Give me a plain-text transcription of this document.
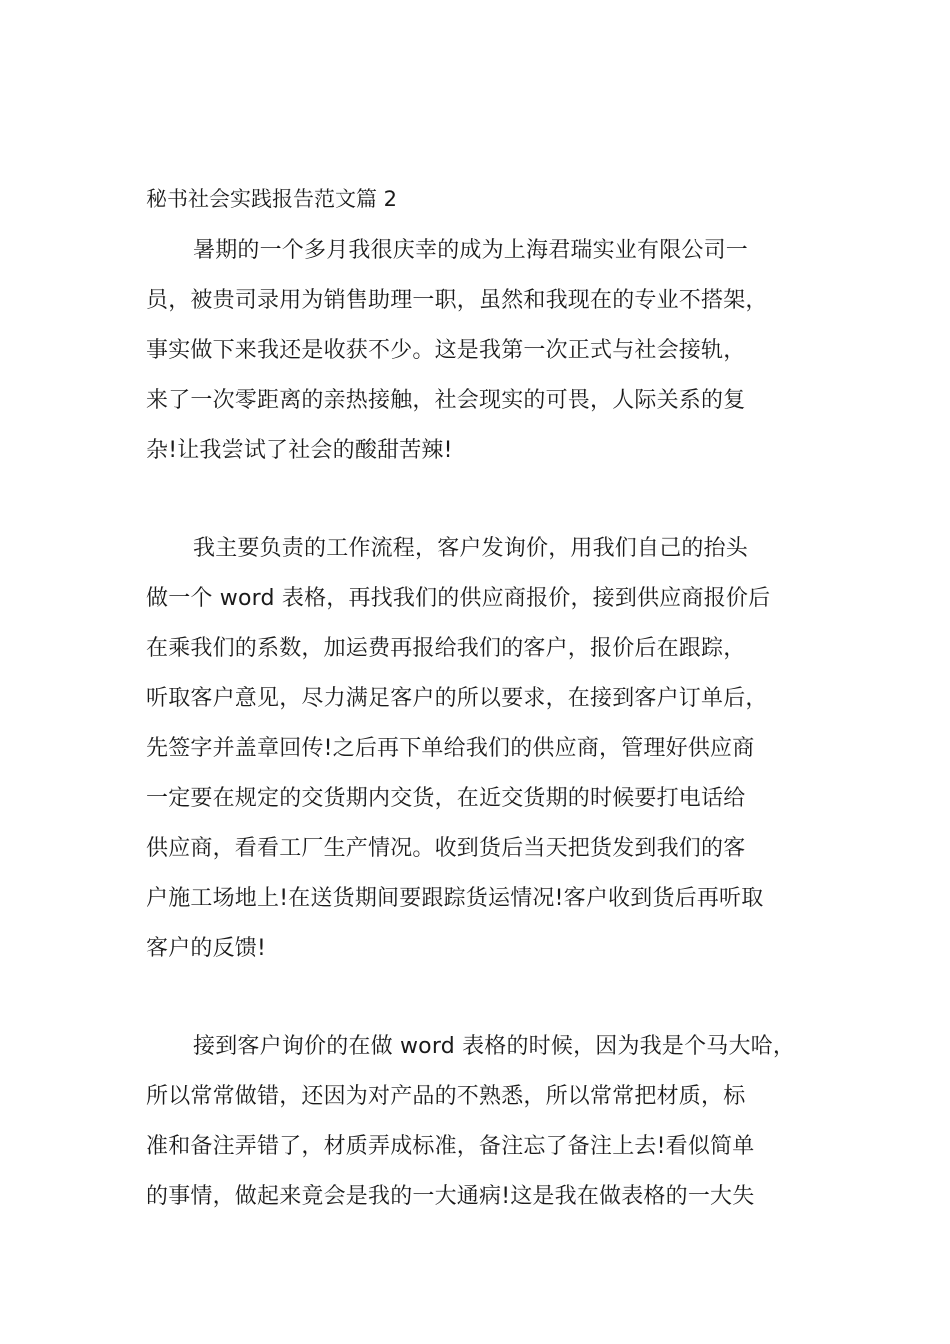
秘书社会实践报告范文篇 2
暑期的一个多月我很庆幸的成为上海君瑞实业有限公司一
员，被贵司录用为销售助理一职，虽然和我现在的专业不搭架，
事实做下来我还是收获不少。这是我第一次正式与社会接轨，
来了一次零距离的亲热接触，社会现实的可畏，人际关系的复
杂!让我尝试了社会的酸甜苦辣!
我主要负责的工作流程，客户发询价，用我们自己的抬头
做一个 word 表格，再找我们的供应商报价，接到供应商报价后
在乘我们的系数，加运费再报给我们的客户，报价后在跟踪，
听取客户意见，尽力满足客户的所以要求，在接到客户订单后，
先签字并盖章回传!之后再下单给我们的供应商，管理好供应商
一定要在规定的交货期内交货，在近交货期的时候要打电话给
供应商，看看工厂生产情况。收到货后当天把货发到我们的客
户施工场地上!在送货期间要跟踪货运情况!客户收到货后再听取
客户的反馈!
接到客户询价的在做 word 表格的时候，因为我是个马大哈，
所以常常做错，还因为对产品的不熟悉，所以常常把材质，标
准和备注弄错了，材质弄成标准，备注忘了备注上去!看似简单
的事情，做起来竟会是我的一大通病!这是我在做表格的一大失
